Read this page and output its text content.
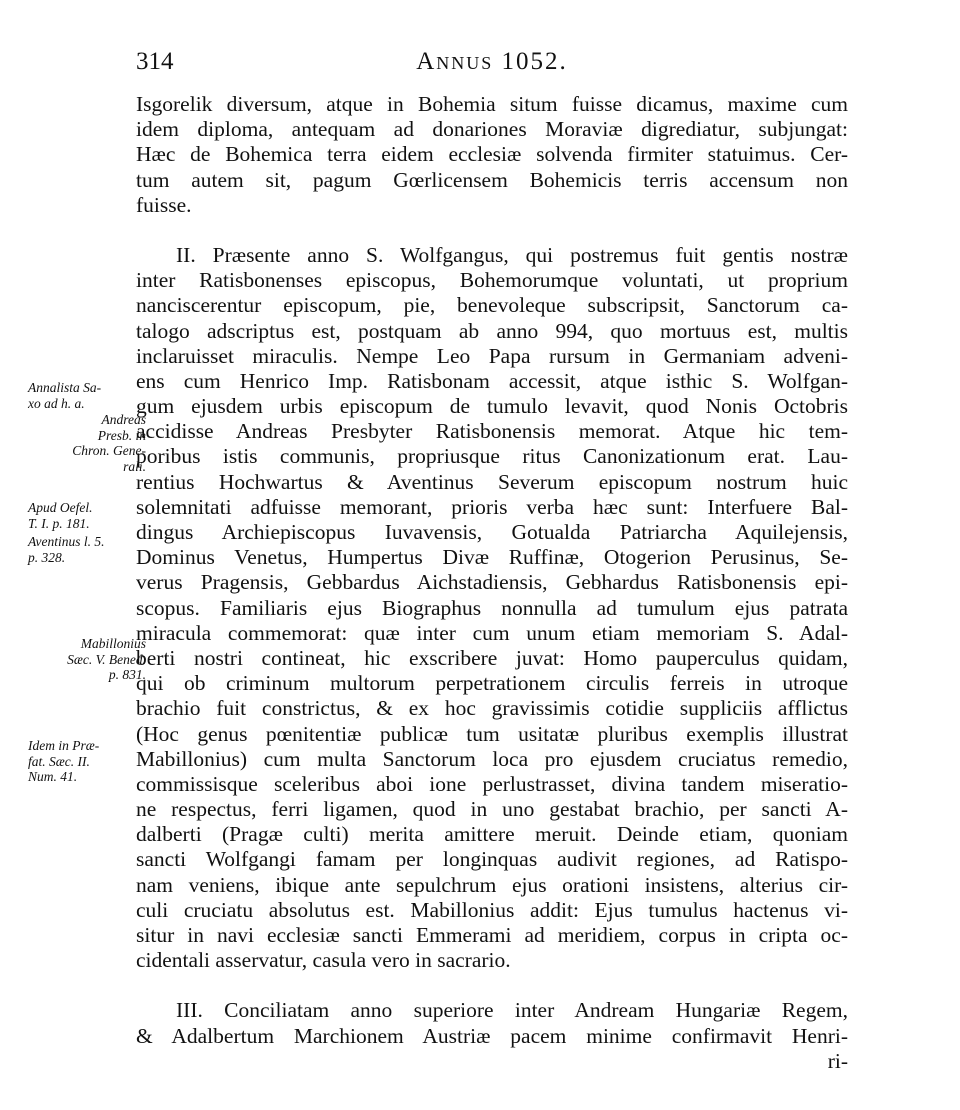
314	Annus 1052.
Isgorelik diversum, atque in Bohemia situm fuisse dicamus, maxime cum
idem diploma, antequam ad donariones Moraviæ digrediatur, subjungat:
Hæc de Bohemica terra eidem ecclesiæ solvenda firmiter statuimus. Cer-
tum autem sit, pagum Gœrlicensem Bohemicis terris accensum non
fuisse.
II. Præsente anno S. Wolfgangus, qui postremus fuit gentis nostræ
inter Ratisbonenses episcopus, Bohemorumque voluntati, ut proprium
nanciscerentur episcopum, pie, benevoleque subscripsit, Sanctorum ca-
talogo adscriptus est, postquam ab anno 994, quo mortuus est, multis
inclaruisset miraculis. Nempe Leo Papa rursum in Germaniam adveni-
ens cum Henrico Imp. Ratisbonam accessit, atque isthic S. Wolfgan-
gum ejusdem urbis episcopum de tumulo levavit, quod Nonis Octobris
accidisse Andreas Presbyter Ratisbonensis memorat. Atque hic tem-
poribus istis communis, propriusque ritus Canonizationum erat. Lau-
rentius Hochwartus & Aventinus Severum episcopum nostrum huic
solemnitati adfuisse memorant, prioris verba hæc sunt: Interfuere Bal-
dingus Archiepiscopus Iuvavensis, Gotualda Patriarcha Aquilejensis,
Dominus Venetus, Humpertus Divæ Ruffinæ, Otogerion Perusinus, Se-
verus Pragensis, Gebbardus Aichstadiensis, Gebhardus Ratisbonensis epi-
scopus. Familiaris ejus Biographus nonnulla ad tumulum ejus patrata
miracula commemorat: quæ inter cum unum etiam memoriam S. Adal-
berti nostri contineat, hic exscribere juvat: Homo pauperculus quidam,
qui ob criminum multorum perpetrationem circulis ferreis in utroque
brachio fuit constrictus, & ex hoc gravissimis cotidie suppliciis afflictus
(Hoc genus pœnitentiæ publicæ tum usitatæ pluribus exemplis illustrat
Mabillonius) cum multa Sanctorum loca pro ejusdem cruciatus remedio,
commissisque sceleribus aboi ione perlustrasset, divina tandem miseratio-
ne respectus, ferri ligamen, quod in uno gestabat brachio, per sancti A-
dalberti (Pragæ culti) merita amittere meruit. Deinde etiam, quoniam
sancti Wolfgangi famam per longinquas audivit regiones, ad Ratispo-
nam veniens, ibique ante sepulchrum ejus orationi insistens, alterius cir-
culi cruciatu absolutus est. Mabillonius addit: Ejus tumulus hactenus vi-
situr in navi ecclesiæ sancti Emmerami ad meridiem, corpus in cripta oc-
cidentali asservatur, casula vero in sacrario.
III. Conciliatam anno superiore inter Andream Hungariæ Regem,
& Adalbertum Marchionem Austriæ pacem minime confirmavit Henri-
ri-
Annalista Sa-
xo ad h. a.
Andreas
Presb. in
Chron. Gene-
rali.
Apud Oefel.
T. I. p. 181.
Aventinus l. 5.
p. 328.
Mabillonius
Sæc. V. Bened.
p. 831.
Idem in Præ-
fat. Sæc. II.
Num. 41.
